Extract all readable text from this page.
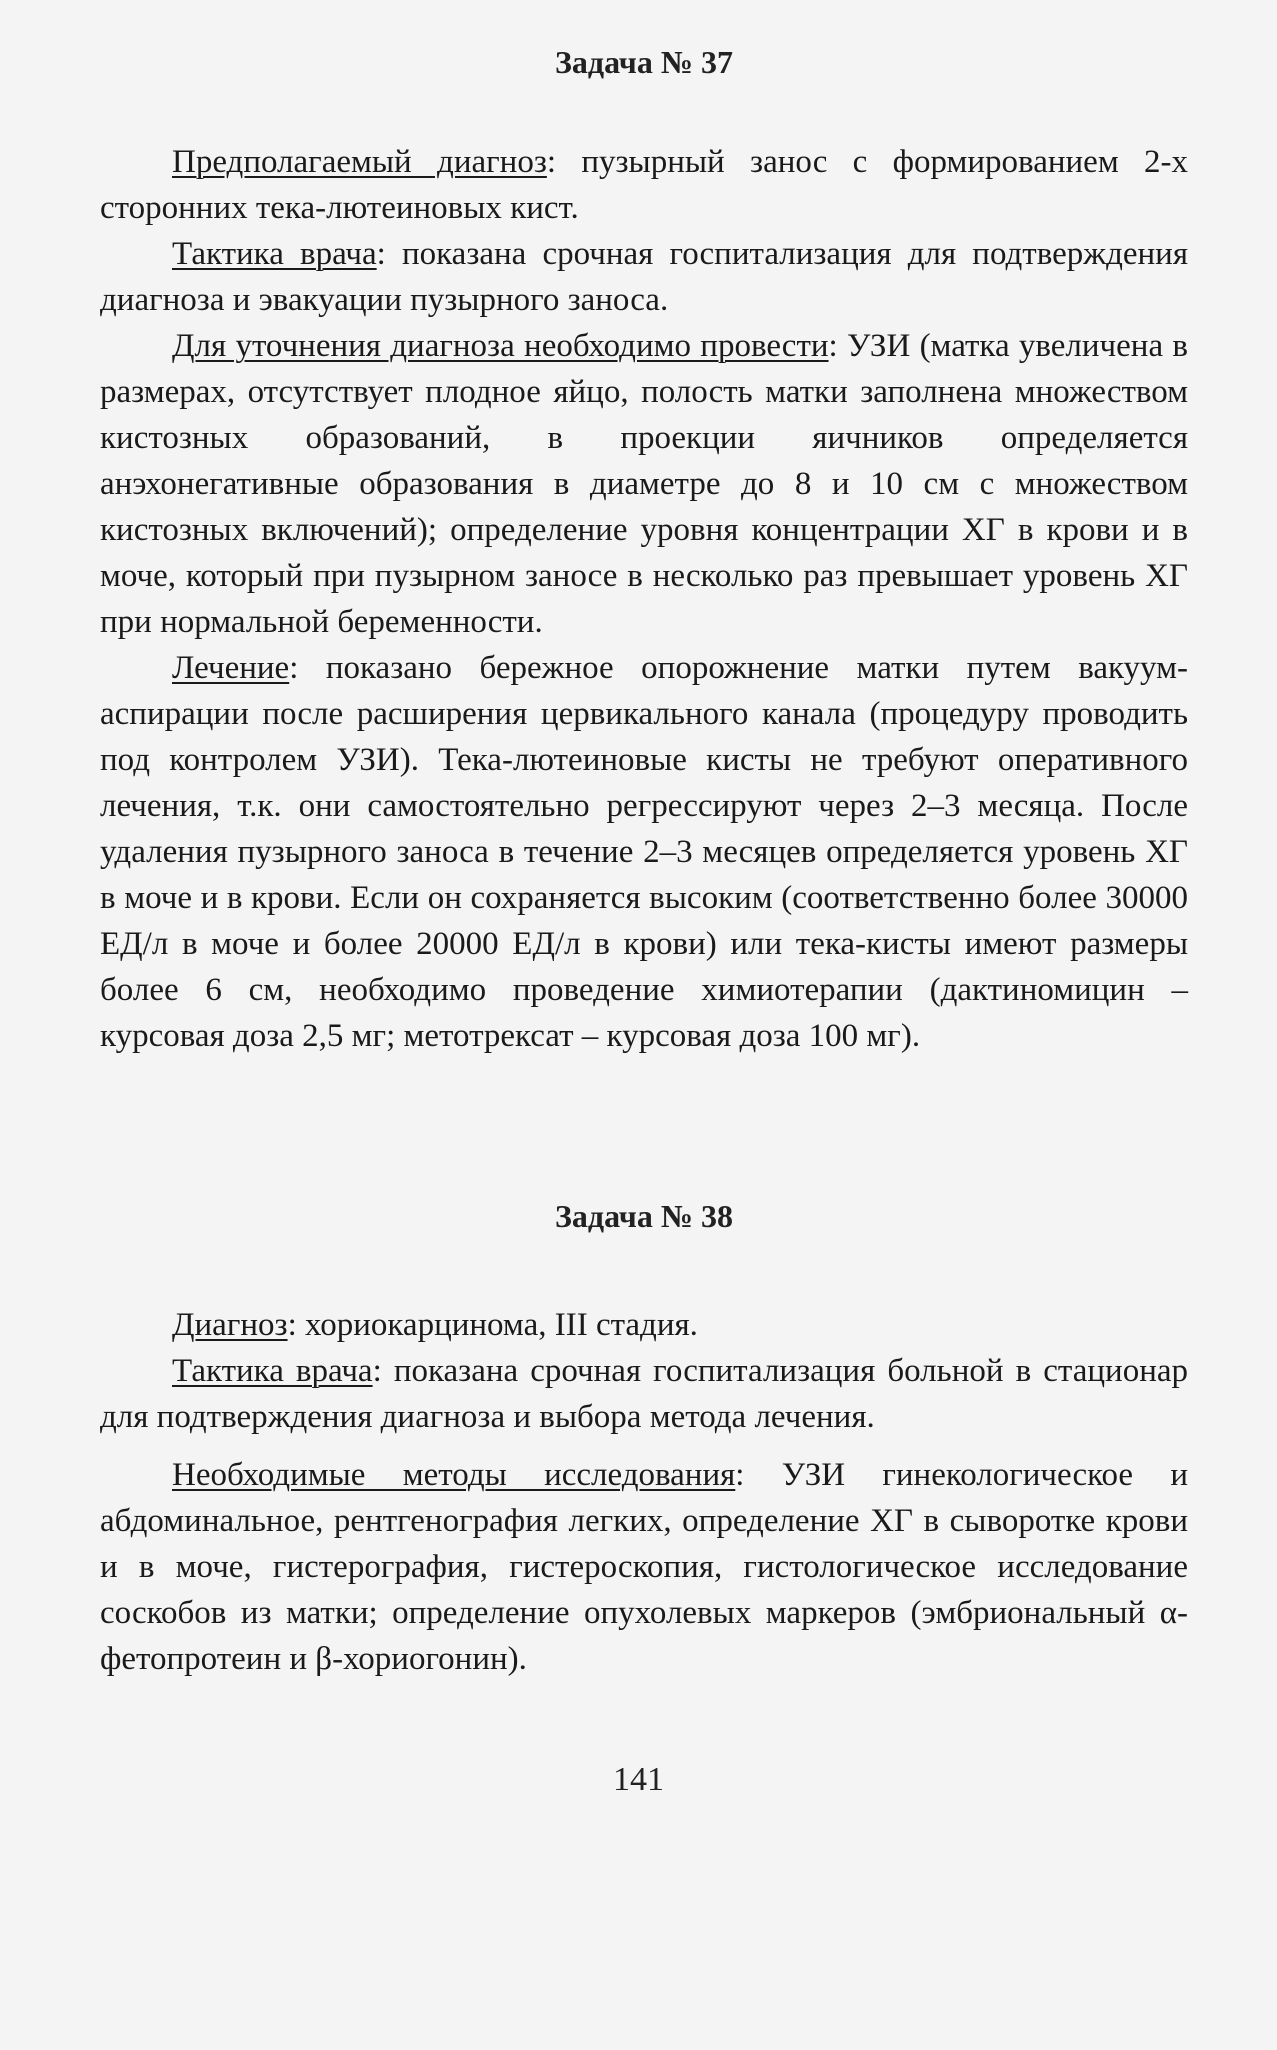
Задача № 37

Предполагаемый диагноз: пузырный занос с формированием 2-х сторонних тека-лютеиновых кист.

Тактика врача: показана срочная госпитализация для подтверждения диагноза и эвакуации пузырного заноса.

Для уточнения диагноза необходимо провести: УЗИ (матка увеличена в размерах, отсутствует плодное яйцо, полость матки заполнена множеством кистозных образований, в проекции яичников определяется анэхонегативные образования в диаметре до 8 и 10 см с множеством кистозных включений); определение уровня концентрации ХГ в крови и в моче, который при пузырном заносе в несколько раз превышает уровень ХГ при нормальной беременности.

Лечение: показано бережное опорожнение матки путем вакуум-аспирации после расширения цервикального канала (процедуру проводить под контролем УЗИ). Тека-лютеиновые кисты не требуют оперативного лечения, т.к. они самостоятельно регрессируют через 2–3 месяца. После удаления пузырного заноса в течение 2–3 месяцев определяется уровень ХГ в моче и в крови. Если он сохраняется высоким (соответственно более 30000 ЕД/л в моче и более 20000 ЕД/л в крови) или тека-кисты имеют размеры более 6 см, необходимо проведение химиотерапии (дактиномицин – курсовая доза 2,5 мг; метотрексат – курсовая доза 100 мг).

Задача № 38

Диагноз: хориокарцинома, III стадия.

Тактика врача: показана срочная госпитализация больной в стационар для подтверждения диагноза и выбора метода лечения.

Необходимые методы исследования: УЗИ гинекологическое и абдоминальное, рентгенография легких, определение ХГ в сыворотке крови и в моче, гистерография, гистероскопия, гистологическое исследование соскобов из матки; определение опухолевых маркеров (эмбриональный α-фетопротеин и β-хориогонин).

141
